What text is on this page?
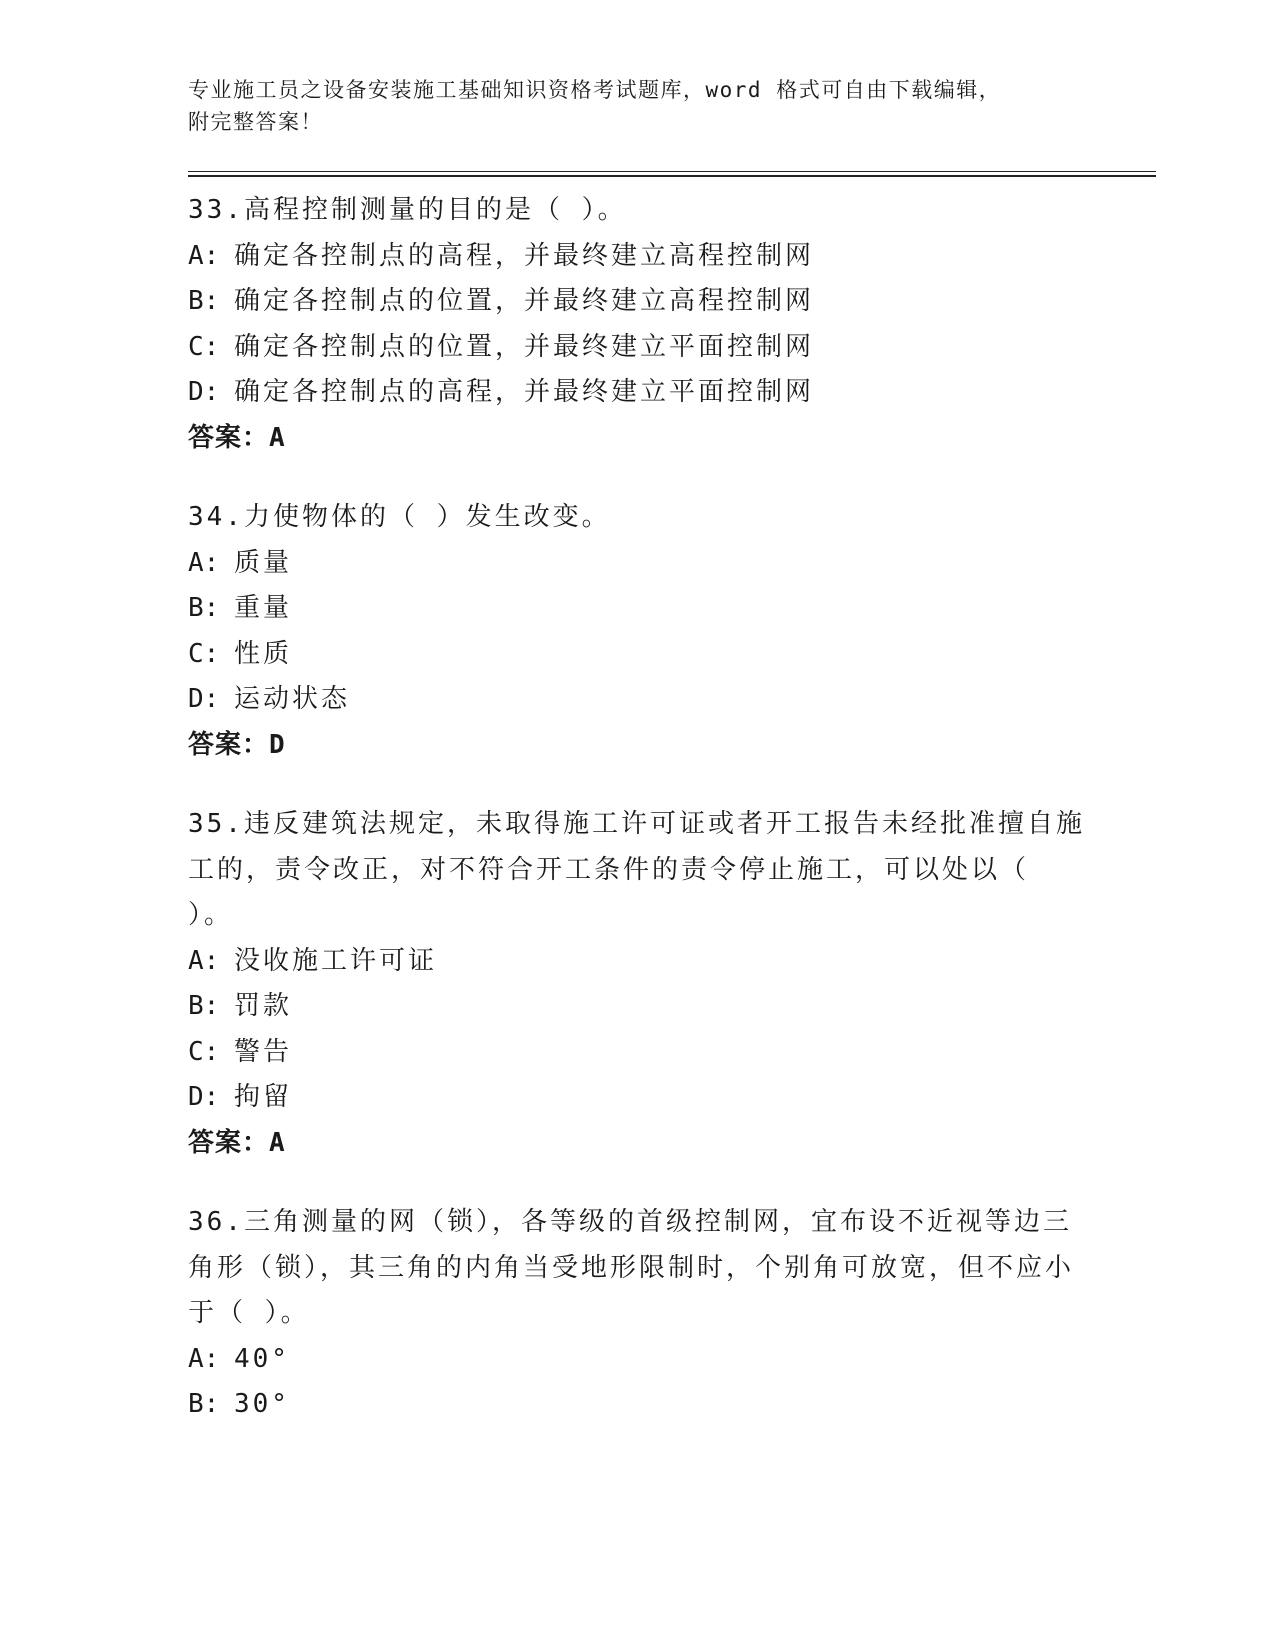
专业施工员之设备安装施工基础知识资格考试题库，word 格式可自由下载编辑，
附完整答案！
33.高程控制测量的目的是（ ）。
A: 确定各控制点的高程，并最终建立高程控制网
B: 确定各控制点的位置，并最终建立高程控制网
C: 确定各控制点的位置，并最终建立平面控制网
D: 确定各控制点的高程，并最终建立平面控制网
答案：A
34.力使物体的（ ）发生改变。
A: 质量
B: 重量
C: 性质
D: 运动状态
答案：D
35.违反建筑法规定，未取得施工许可证或者开工报告未经批准擅自施工的，责令改正，对不符合开工条件的责令停止施工，可以处以（ ）。
A: 没收施工许可证
B: 罚款
C: 警告
D: 拘留
答案：A
36.三角测量的网（锁），各等级的首级控制网，宜布设不近视等边三角形（锁），其三角的内角当受地形限制时，个别角可放宽，但不应小于（ ）。
A: 40°
B: 30°
